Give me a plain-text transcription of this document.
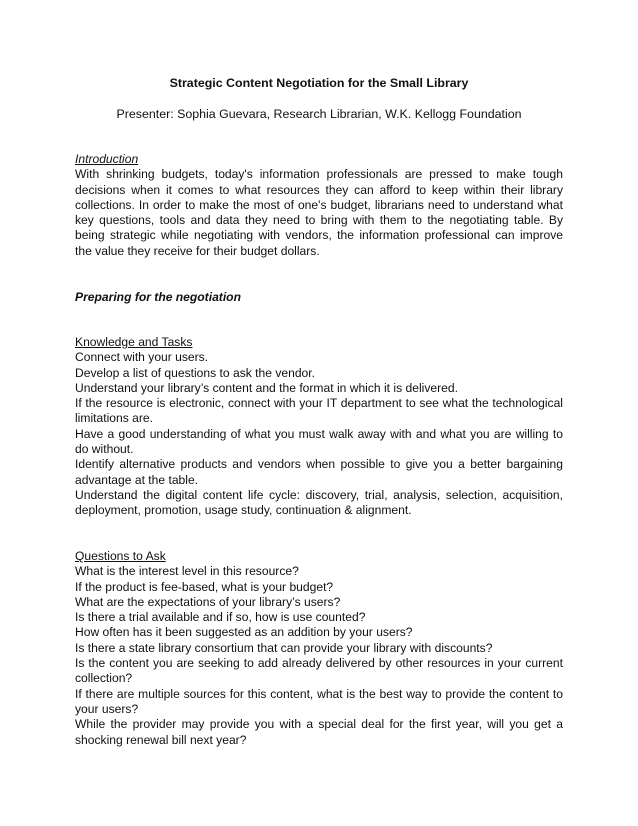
Strategic Content Negotiation for the Small Library
Presenter: Sophia Guevara, Research Librarian, W.K. Kellogg Foundation

Introduction

With shrinking budgets, today's information professionals are pressed to make tough decisions when it comes to what resources they can afford to keep within their library collections. In order to make the most of one's budget, librarians need to understand what key questions, tools and data they need to bring with them to the negotiating table. By being strategic while negotiating with vendors, the information professional can improve the value they receive for their budget dollars.

Preparing for the negotiation

Knowledge and Tasks

Connect with your users.

Develop a list of questions to ask the vendor.

Understand your library’s content and the format in which it is delivered.

If the resource is electronic, connect with your IT department to see what the technological limitations are.

Have a good understanding of what you must walk away with and what you are willing to do without.

Identify alternative products and vendors when possible to give you a better bargaining advantage at the table.

Understand the digital content life cycle: discovery, trial, analysis, selection, acquisition, deployment, promotion, usage study, continuation & alignment.

Questions to Ask

What is the interest level in this resource?

If the product is fee-based, what is your budget?

What are the expectations of your library’s users?

Is there a trial available and if so, how is use counted?

How often has it been suggested as an addition by your users?

Is there a state library consortium that can provide your library with discounts?

Is the content you are seeking to add already delivered by other resources in your current collection?

If there are multiple sources for this content, what is the best way to provide the content to your users?

While the provider may provide you with a special deal for the first year, will you get a shocking renewal bill next year?
